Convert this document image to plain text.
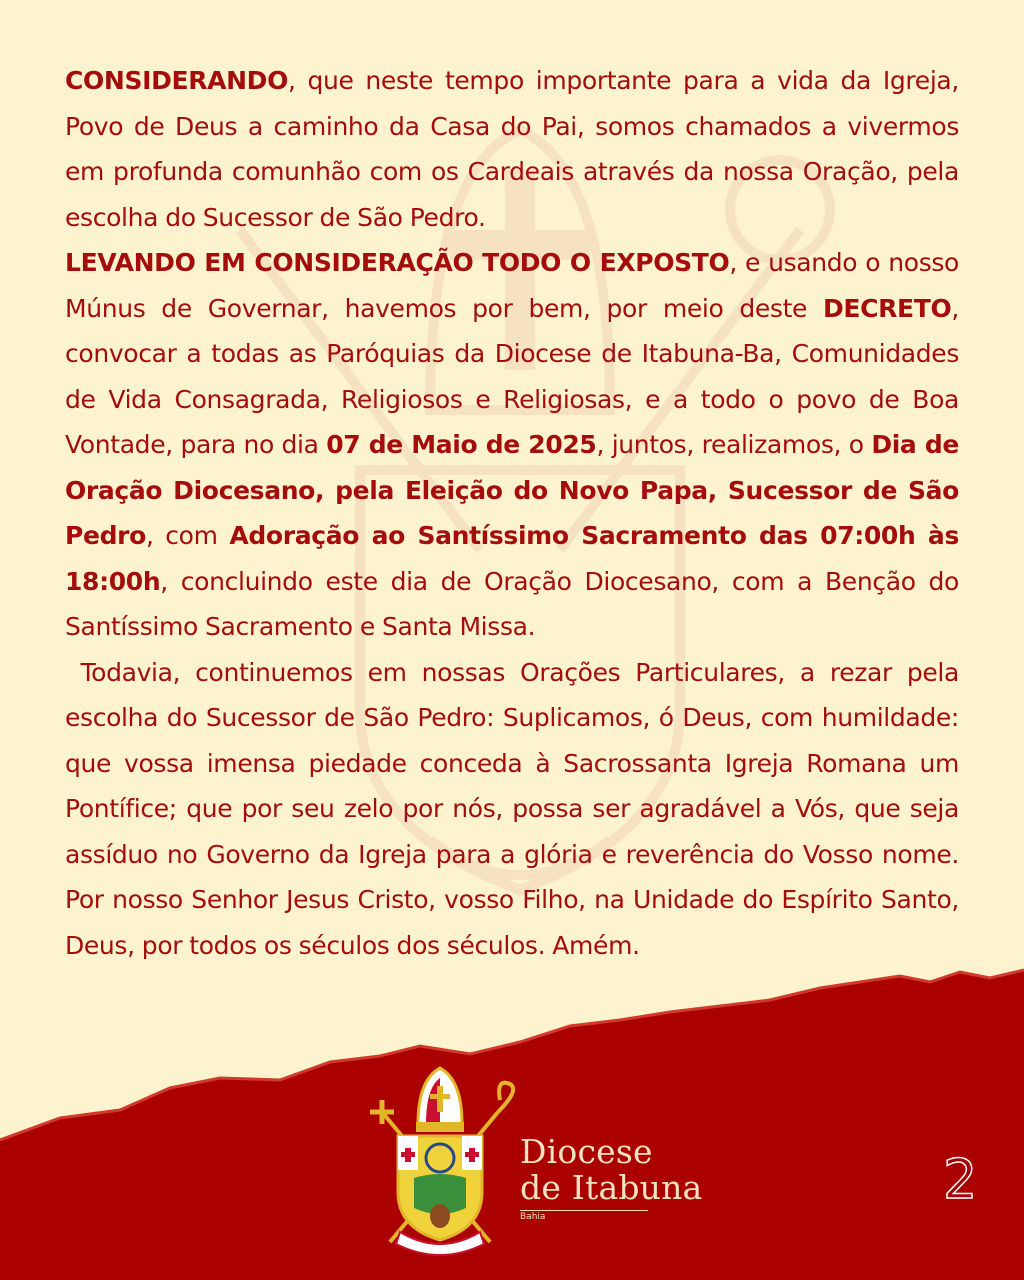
CONSIDERANDO, que neste tempo importante para a vida da Igreja, Povo de Deus a caminho da Casa do Pai, somos chamados a vivermos em profunda comunhão com os Cardeais através da nossa Oração, pela escolha do Sucessor de São Pedro.

LEVANDO EM CONSIDERAÇÃO TODO O EXPOSTO, e usando o nosso Múnus de Governar, havemos por bem, por meio deste DECRETO, convocar a todas as Paróquias da Diocese de Itabuna-Ba, Comunidades de Vida Consagrada, Religiosos e Religiosas, e a todo o povo de Boa Vontade, para no dia 07 de Maio de 2025, juntos, realizamos, o Dia de Oração Diocesano, pela Eleição do Novo Papa, Sucessor de São Pedro, com Adoração ao Santíssimo Sacramento das 07:00h às 18:00h, concluindo este dia de Oração Diocesano, com a Benção do Santíssimo Sacramento e Santa Missa.

Todavia, continuemos em nossas Orações Particulares, a rezar pela escolha do Sucessor de São Pedro: Suplicamos, ó Deus, com humildade: que vossa imensa piedade conceda à Sacrossanta Igreja Romana um Pontífice; que por seu zelo por nós, possa ser agradável a Vós, que seja assíduo no Governo da Igreja para a glória e reverência do Vosso nome. Por nosso Senhor Jesus Cristo, vosso Filho, na Unidade do Espírito Santo, Deus, por todos os séculos dos séculos. Amém.

Diocese
de Itabuna
Bahia
2
